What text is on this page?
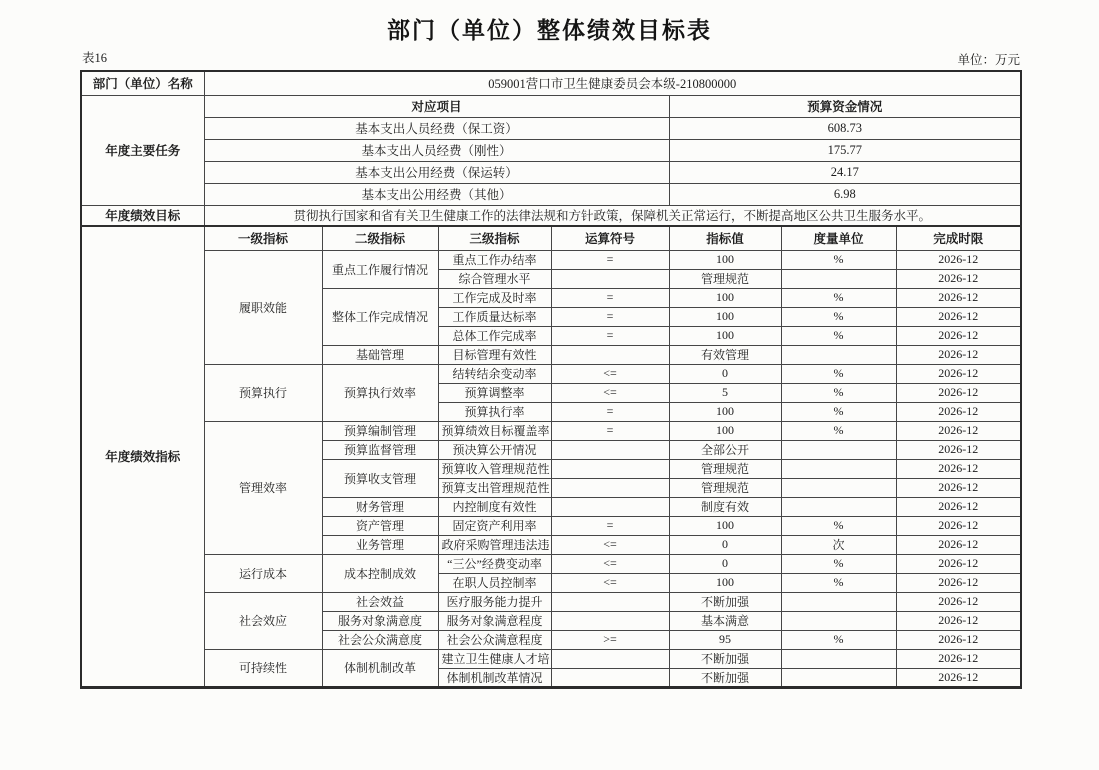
部门（单位）整体绩效目标表
表16	单位：万元
部门（单位）名称	059001营口市卫生健康委员会本级-210800000						
年度主要任务	对应项目				预算资金情况		
	基本支出人员经费（保工资）				608.73		
	基本支出人员经费（刚性）				175.77		
	基本支出公用经费（保运转）				24.17		
	基本支出公用经费（其他）				6.98		
年度绩效目标	贯彻执行国家和省有关卫生健康工作的法律法规和方针政策，保障机关正常运行，不断提高地区公共卫生服务水平。						
年度绩效指标	一级指标	二级指标	三级指标	运算符号	指标值	度量单位	完成时限
	履职效能	重点工作履行情况	重点工作办结率	=	100	%	2026-12
			综合管理水平		管理规范		2026-12
		整体工作完成情况	工作完成及时率	=	100	%	2026-12
			工作质量达标率	=	100	%	2026-12
			总体工作完成率	=	100	%	2026-12
		基础管理	目标管理有效性		有效管理		2026-12
	预算执行	预算执行效率	结转结余变动率	<=	0	%	2026-12
			预算调整率	<=	5	%	2026-12
			预算执行率	=	100	%	2026-12
	管理效率	预算编制管理	预算绩效目标覆盖率	=	100	%	2026-12
		预算监督管理	预决算公开情况		全部公开		2026-12
		预算收支管理	预算收入管理规范性		管理规范		2026-12
			预算支出管理规范性		管理规范		2026-12
		财务管理	内控制度有效性		制度有效		2026-12
		资产管理	固定资产利用率	=	100	%	2026-12
		业务管理	政府采购管理违法违	<=	0	次	2026-12
	运行成本	成本控制成效	“三公”经费变动率	<=	0	%	2026-12
			在职人员控制率	<=	100	%	2026-12
	社会效应	社会效益	医疗服务能力提升		不断加强		2026-12
		服务对象满意度	服务对象满意程度		基本满意		2026-12
		社会公众满意度	社会公众满意程度	>=	95	%	2026-12
	可持续性	体制机制改革	建立卫生健康人才培		不断加强		2026-12
			体制机制改革情况		不断加强		2026-12
